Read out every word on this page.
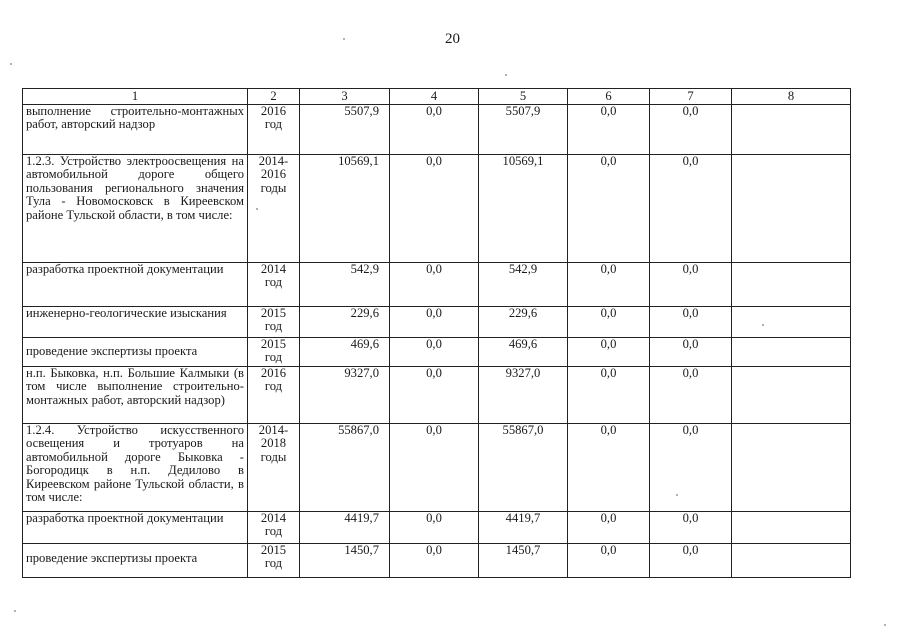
20
1	2	3	4	5	6	7	8
выполнение строительно-монтажных работ, авторский надзор	2016 год	5507,9	0,0	5507,9	0,0	0,0	
1.2.3. Устройство электроосвещения на автомобильной дороге общего пользования регионального значения Тула - Новомосковск в Киреевском районе Тульской области, в том числе:	2014-2016 годы	10569,1	0,0	10569,1	0,0	0,0	
разработка проектной документации	2014 год	542,9	0,0	542,9	0,0	0,0	
инженерно-геологические изыскания	2015 год	229,6	0,0	229,6	0,0	0,0	
проведение экспертизы проекта	2015 год	469,6	0,0	469,6	0,0	0,0	
н.п. Быковка, н.п. Большие Калмыки (в том числе выполнение строительно-монтажных работ, авторский надзор)	2016 год	9327,0	0,0	9327,0	0,0	0,0	
1.2.4. Устройство искусственного освещения и тротуаров на автомобильной дороге Быковка - Богородицк в н.п. Дедилово в Киреевском районе Тульской области, в том числе:	2014-2018 годы	55867,0	0,0	55867,0	0,0	0,0	
разработка проектной документации	2014 год	4419,7	0,0	4419,7	0,0	0,0	
проведение экспертизы проекта	2015 год	1450,7	0,0	1450,7	0,0	0,0	
